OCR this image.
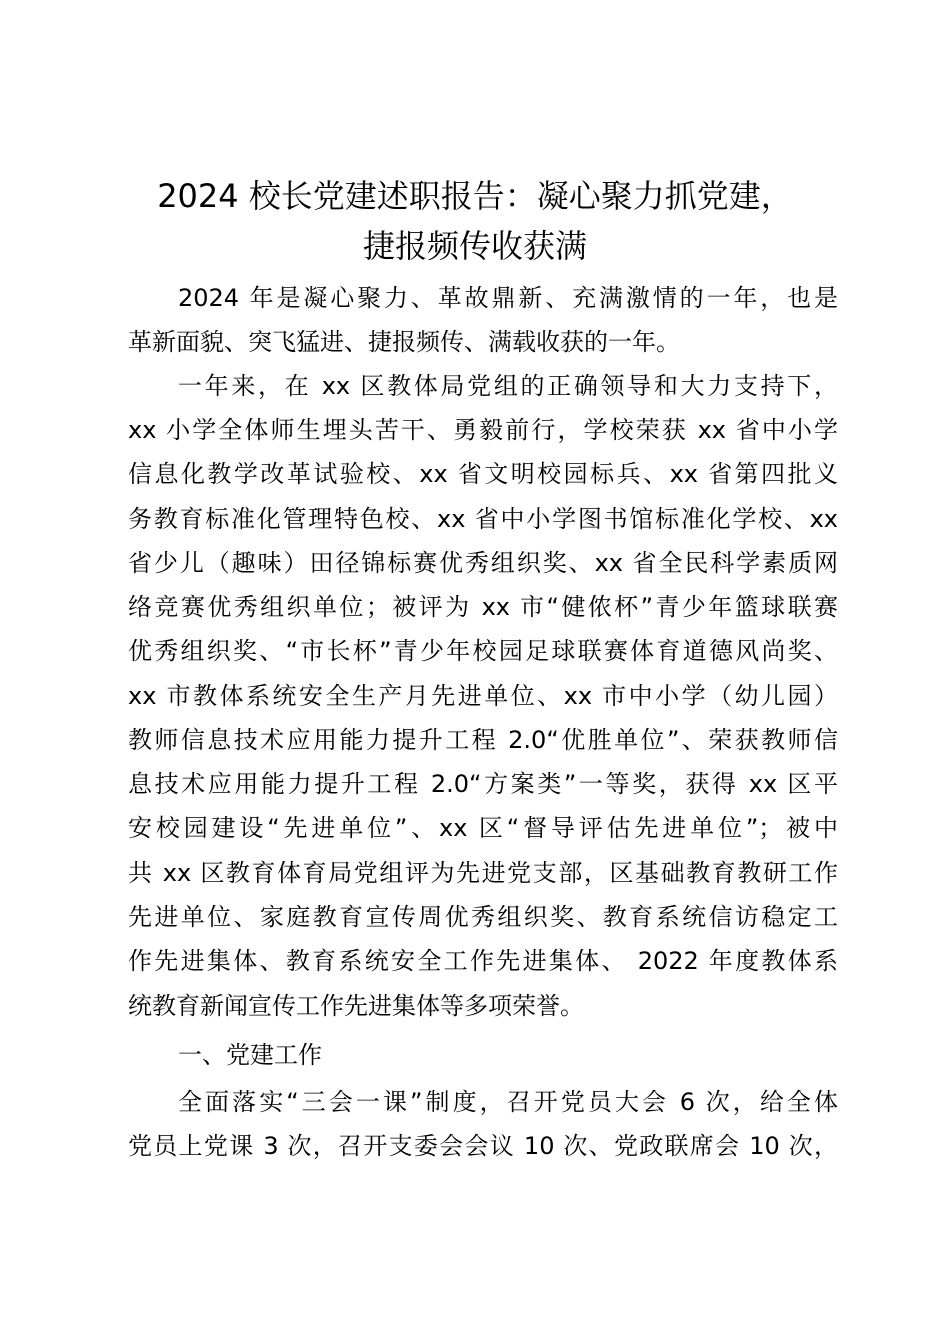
2024 校长党建述职报告：凝心聚力抓党建，
捷报频传收获满
2024 年是凝心聚力、革故鼎新、充满激情的一年，也是
革新面貌、突飞猛进、捷报频传、满载收获的一年。
一年来，在 xx 区教体局党组的正确领导和大力支持下，
xx 小学全体师生埋头苦干、勇毅前行，学校荣获 xx 省中小学
信息化教学改革试验校、xx 省文明校园标兵、xx 省第四批义
务教育标准化管理特色校、xx 省中小学图书馆标准化学校、xx
省少儿（趣味）田径锦标赛优秀组织奖、xx 省全民科学素质网
络竞赛优秀组织单位；被评为 xx 市“健侬杯”青少年篮球联赛
优秀组织奖、“市长杯”青少年校园足球联赛体育道德风尚奖、
xx 市教体系统安全生产月先进单位、xx 市中小学（幼儿园）
教师信息技术应用能力提升工程 2.0“优胜单位”、荣获教师信
息技术应用能力提升工程 2.0“方案类”一等奖，获得 xx 区平
安校园建设“先进单位”、xx 区“督导评估先进单位”；被中
共 xx 区教育体育局党组评为先进党支部，区基础教育教研工作
先进单位、家庭教育宣传周优秀组织奖、教育系统信访稳定工
作先进集体、教育系统安全工作先进集体、 2022 年度教体系
统教育新闻宣传工作先进集体等多项荣誉。
一、党建工作
全面落实“三会一课”制度，召开党员大会 6 次，给全体
党员上党课 3 次，召开支委会会议 10 次、党政联席会 10 次，
